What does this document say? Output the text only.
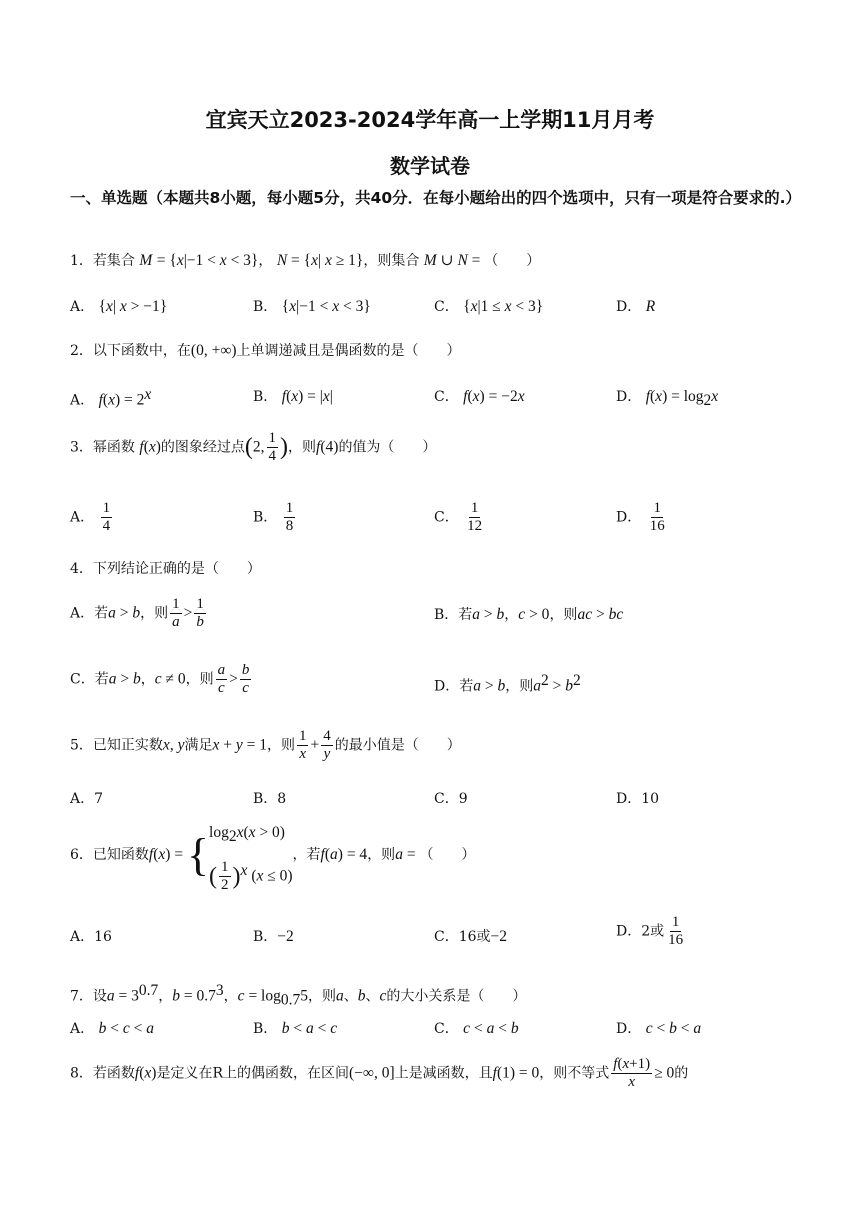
宜宾天立2023-2024学年高一上学期11月月考
数学试卷
一、单选题（本题共8小题，每小题5分，共40分．在每小题给出的四个选项中，只有一项是符合要求的.）
1．若集合 M = {x|−1 < x < 3}， N = {x| x ≥ 1}，则集合 M ∪ N = （　　）
A． {x| x > −1}	B． {x|−1 < x < 3}	C． {x|1 ≤ x < 3}	D． R
2．以下函数中，在(0, +∞)上单调递减且是偶函数的是（　　）
A． $f(x) = 2^x$	B． f(x) = |x|	C． f(x) = −2x	D． $f(x) = \log_2x$
3．幂函数 f(x)的图象经过点(2, $\frac{1}{4}$ )，则f(4)的值为（　　）
A． $\frac{1}{4}$	B． $\frac{1}{8}$	C． $\frac{1}{12}$	D． $\frac{1}{16}$
4．下列结论正确的是（　　）
A．若a > b，则 $\frac{1}{a} > \frac{1}{b}$	B．若a > b，c > 0，则ac > bc
C．若a > b，c ≠ 0，则 $\frac{a}{c} > \frac{b}{c}$	D．若a > b，则$a^2 > b^2$
5．已知正实数x, y满足x + y = 1，则 $\frac{1}{x} + \frac{4}{y}$ 的最小值是（　　）
A．7	B．8	C．9	D．10
6．已知函数f(x) = { $\log_2x(x > 0)$
( $\frac{1}{2} )^x$ (x ≤ 0)
，若f(a) = 4，则a = （　　）
A．16	B．−2	C．16或−2	D．2或 $\frac{1}{16}$
7．设$a = 3^{0.7}$，$b = 0.7^3$，$c = \log_{0.7}5$，则a、b、c的大小关系是（　　）
A． b < c < a	B． b < a < c	C． c < a < b	D． c < b < a
8．若函数f(x)是定义在R上的偶函数，在区间(−∞, 0]上是减函数，且f(1) = 0，则不等式 $\frac{f(x+1)}{x} \ge 0$的
